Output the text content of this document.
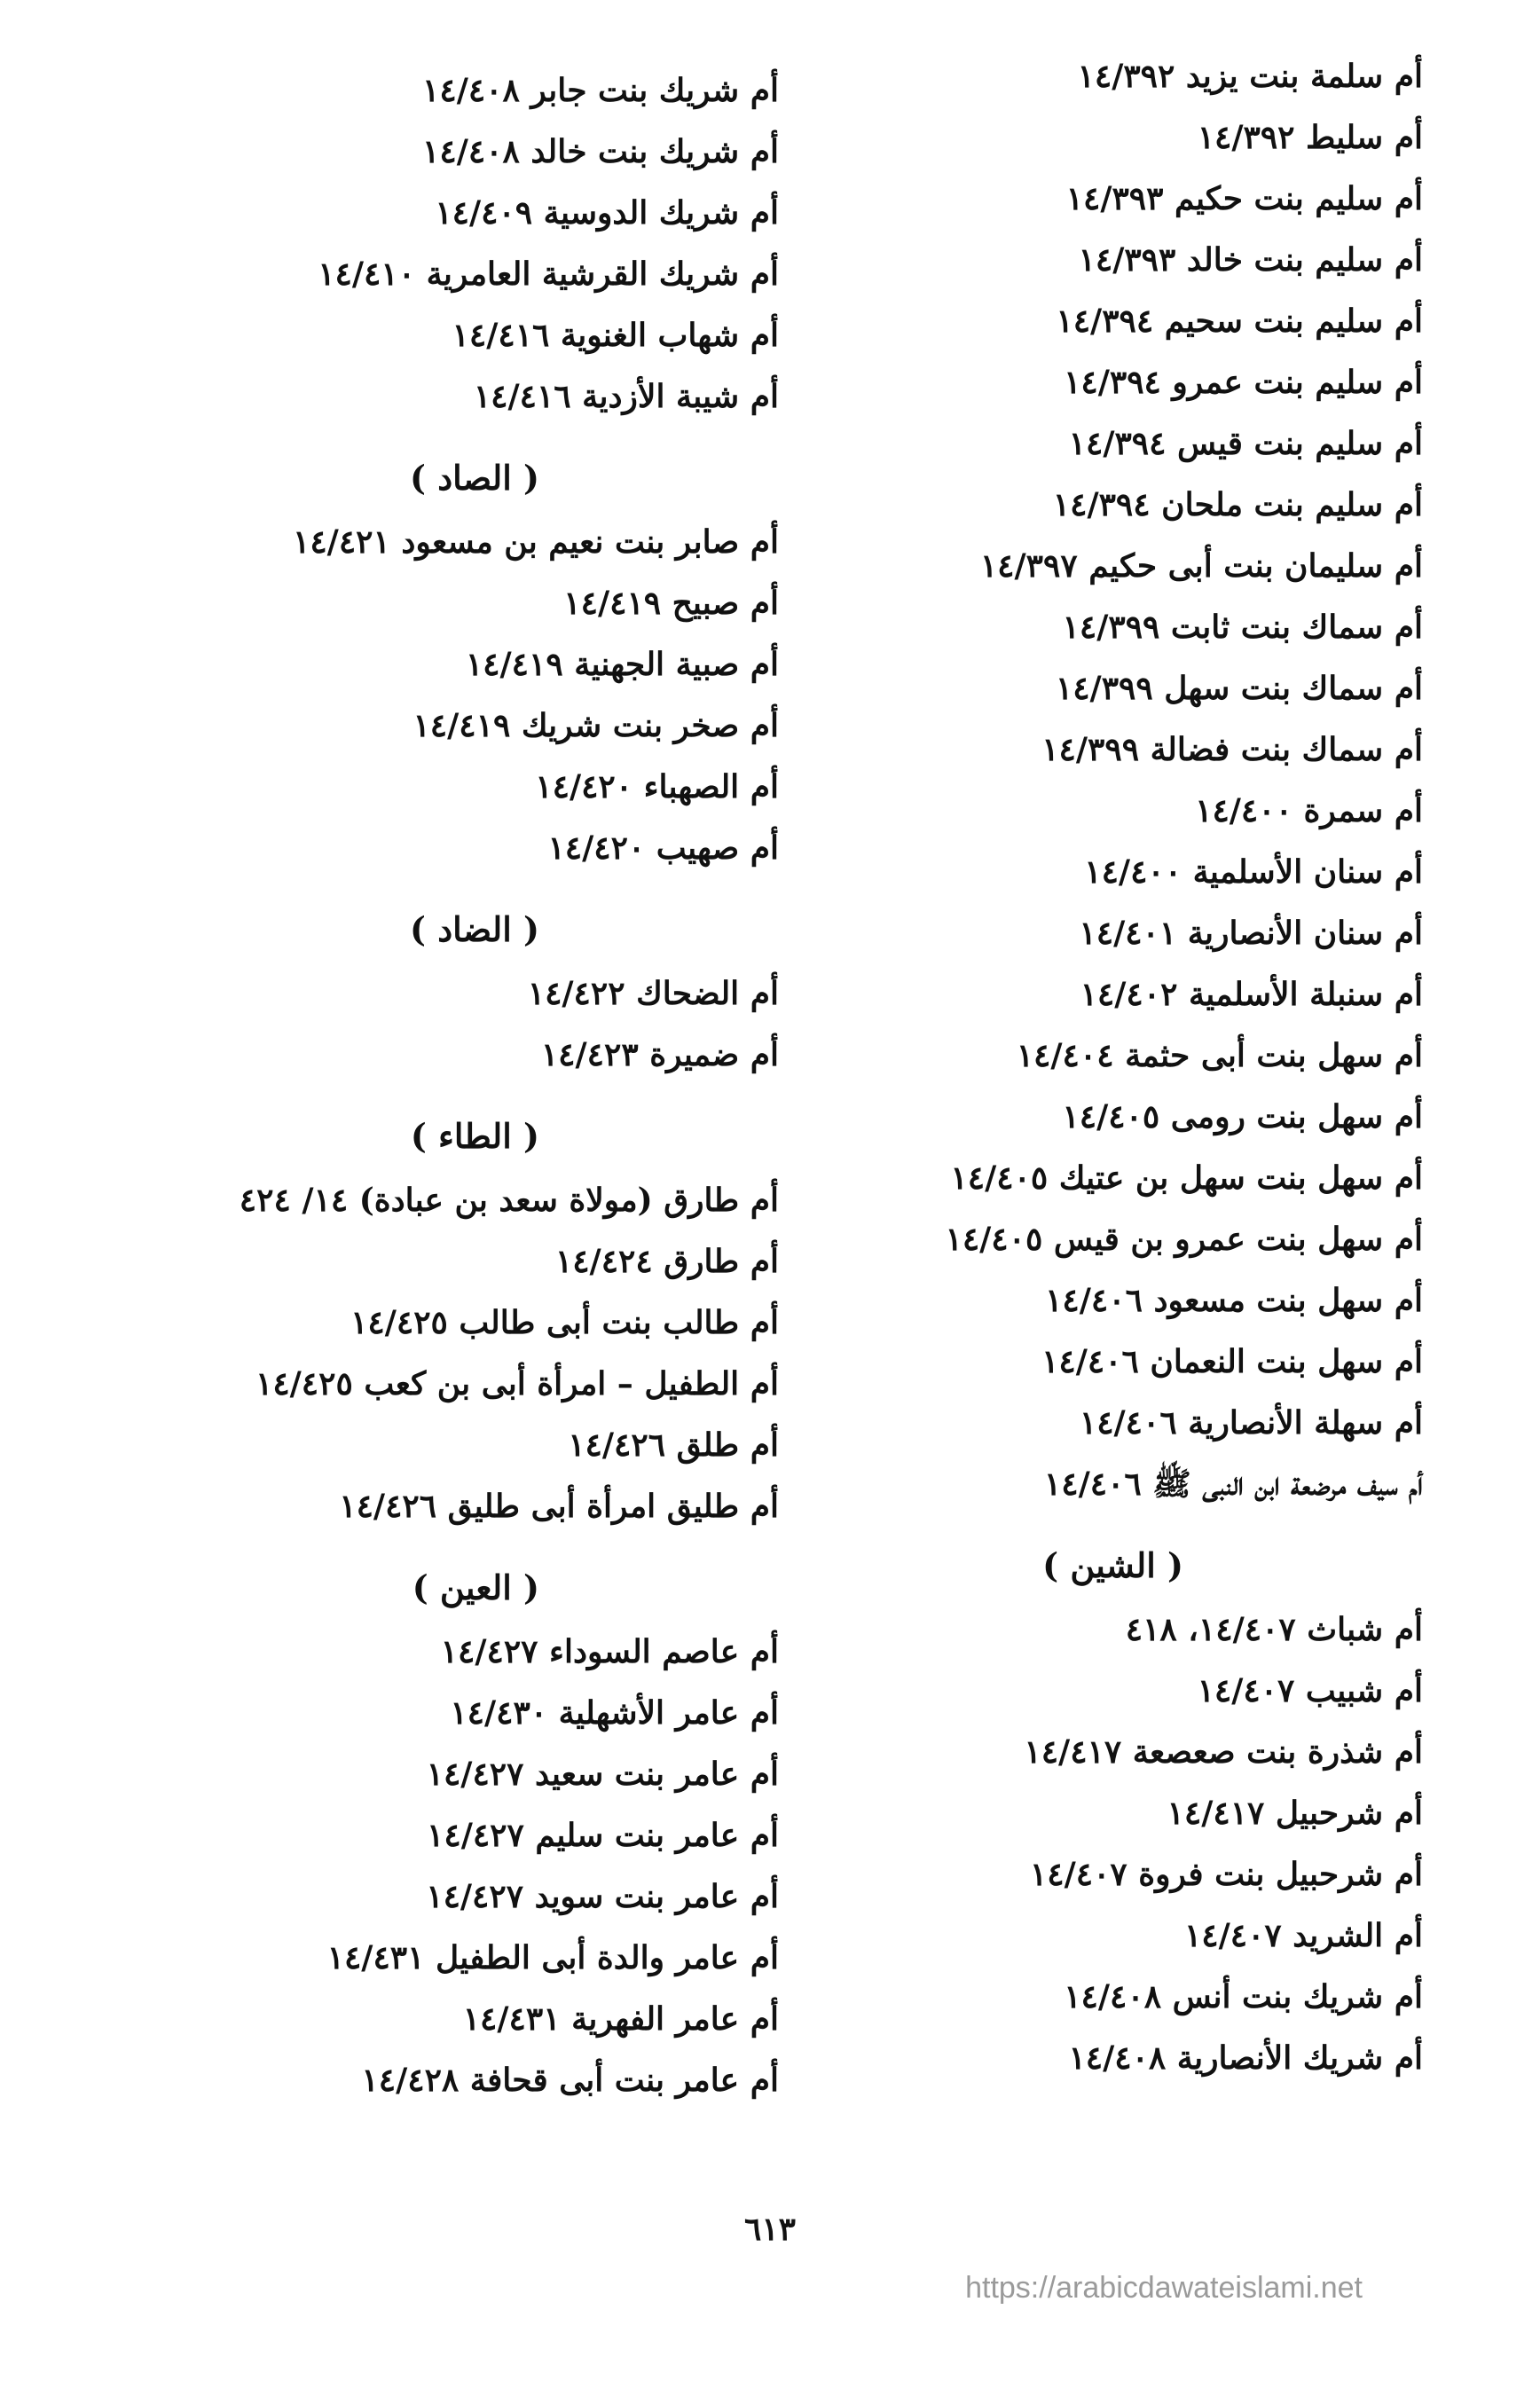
أم سلمة بنت يزيد ١٤/٣٩٢
أم سليط ١٤/٣٩٢
أم سليم بنت حكيم ١٤/٣٩٣
أم سليم بنت خالد ١٤/٣٩٣
أم سليم بنت سحيم ١٤/٣٩٤
أم سليم بنت عمرو ١٤/٣٩٤
أم سليم بنت قيس ١٤/٣٩٤
أم سليم بنت ملحان ١٤/٣٩٤
أم سليمان بنت أبى حكيم ١٤/٣٩٧
أم سماك بنت ثابت ١٤/٣٩٩
أم سماك بنت سهل ١٤/٣٩٩
أم سماك بنت فضالة ١٤/٣٩٩
أم سمرة ١٤/٤٠٠
أم سنان الأسلمية ١٤/٤٠٠
أم سنان الأنصارية ١٤/٤٠١
أم سنبلة الأسلمية ١٤/٤٠٢
أم سهل بنت أبى حثمة ١٤/٤٠٤
أم سهل بنت رومى ١٤/٤٠٥
أم سهل بنت سهل بن عتيك ١٤/٤٠٥
أم سهل بنت عمرو بن قيس ١٤/٤٠٥
أم سهل بنت مسعود ١٤/٤٠٦
أم سهل بنت النعمان ١٤/٤٠٦
أم سهلة الأنصارية ١٤/٤٠٦
أم سيف مرضعة ابن النبى ﷺ ١٤/٤٠٦
( الشين )
أم شباث ١٤/٤٠٧، ٤١٨
أم شبيب ١٤/٤٠٧
أم شذرة بنت صعصعة ١٤/٤١٧
أم شرحبيل ١٤/٤١٧
أم شرحبيل بنت فروة ١٤/٤٠٧
أم الشريد ١٤/٤٠٧
أم شريك بنت أنس ١٤/٤٠٨
أم شريك الأنصارية ١٤/٤٠٨
أم شريك بنت جابر ١٤/٤٠٨
أم شريك بنت خالد ١٤/٤٠٨
أم شريك الدوسية ١٤/٤٠٩
أم شريك القرشية العامرية ١٤/٤١٠
أم شهاب الغنوية ١٤/٤١٦
أم شيبة الأزدية ١٤/٤١٦
( الصاد )
أم صابر بنت نعيم بن مسعود ١٤/٤٢١
أم صبيح ١٤/٤١٩
أم صبية الجهنية ١٤/٤١٩
أم صخر بنت شريك ١٤/٤١٩
أم الصهباء ١٤/٤٢٠
أم صهيب ١٤/٤٢٠
( الضاد )
أم الضحاك ١٤/٤٢٢
أم ضميرة ١٤/٤٢٣
( الطاء )
أم طارق (مولاة سعد بن عبادة) ١٤/ ٤٢٤
أم طارق ١٤/٤٢٤
أم طالب بنت أبى طالب ١٤/٤٢٥
أم الطفيل – امرأة أبى بن كعب ١٤/٤٢٥
أم طلق ١٤/٤٢٦
أم طليق امرأة أبى طليق ١٤/٤٢٦
( العين )
أم عاصم السوداء ١٤/٤٢٧
أم عامر الأشهلية ١٤/٤٣٠
أم عامر بنت سعيد ١٤/٤٢٧
أم عامر بنت سليم ١٤/٤٢٧
أم عامر بنت سويد ١٤/٤٢٧
أم عامر والدة أبى الطفيل ١٤/٤٣١
أم عامر الفهرية ١٤/٤٣١
أم عامر بنت أبى قحافة ١٤/٤٢٨
٦١٣
https://arabicdawateislami.net
